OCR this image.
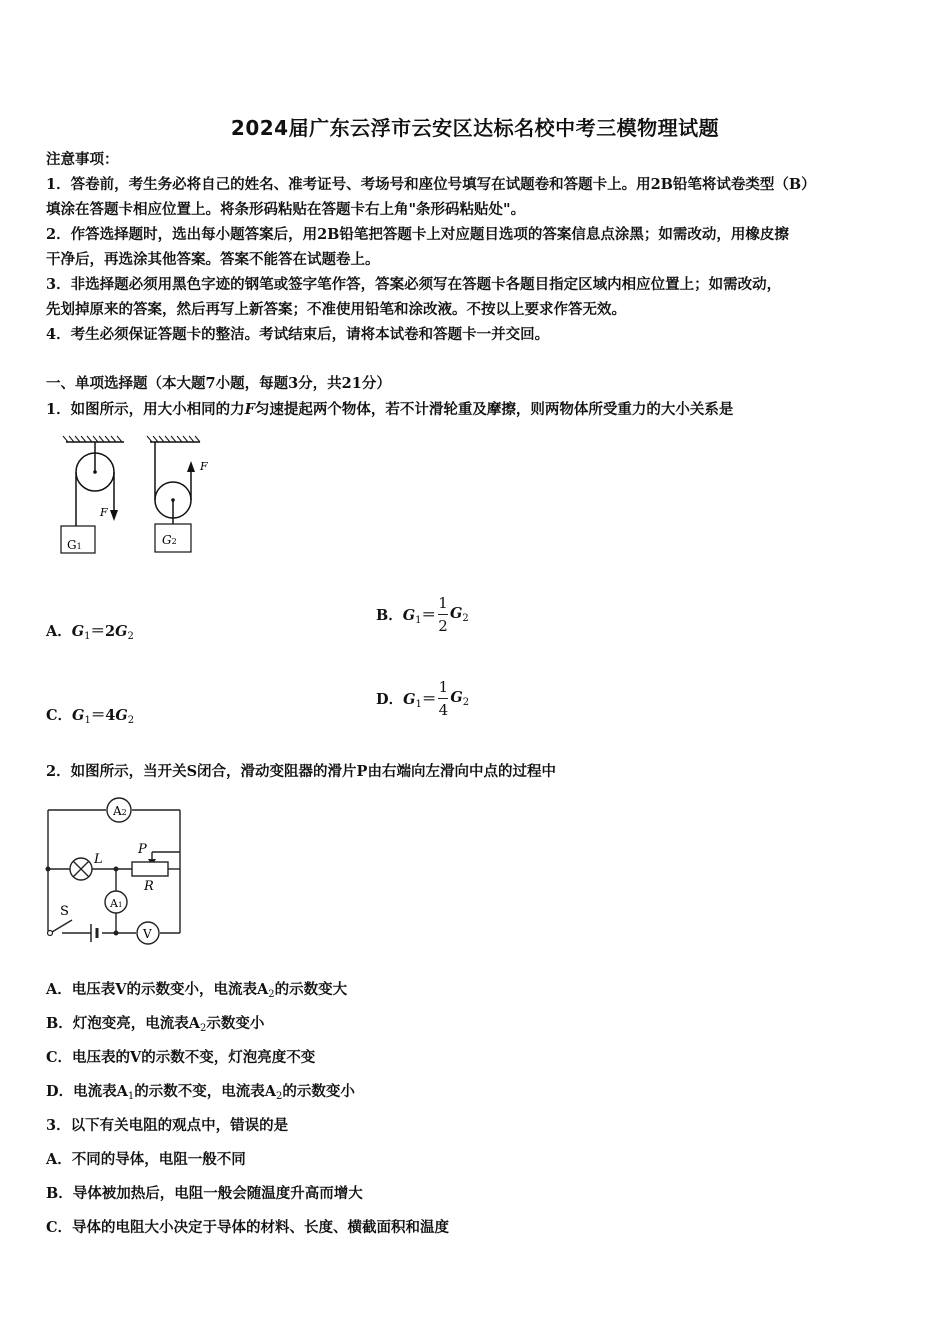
2024届广东云浮市云安区达标名校中考三模物理试题
注意事项：
1．答卷前，考生务必将自己的姓名、准考证号、考场号和座位号填写在试题卷和答题卡上。用2B铅笔将试卷类型（B）
填涂在答题卡相应位置上。将条形码粘贴在答题卡右上角"条形码粘贴处"。
2．作答选择题时，选出每小题答案后，用2B铅笔把答题卡上对应题目选项的答案信息点涂黑；如需改动，用橡皮擦
干净后，再选涂其他答案。答案不能答在试题卷上。
3．非选择题必须用黑色字迹的钢笔或签字笔作答，答案必须写在答题卡各题目指定区域内相应位置上；如需改动，
先划掉原来的答案，然后再写上新答案；不准使用铅笔和涂改液。不按以上要求作答无效。
4．考生必须保证答题卡的整洁。考试结束后，请将本试卷和答题卡一并交回。
一、单项选择题（本大题7小题，每题3分，共21分）
1．如图所示，用大小相同的力F匀速提起两个物体，若不计滑轮重及摩擦，则两物体所受重力的大小关系是
F
G1
F
G2
A．$G_1=2G_2$
B．$G_1= \frac{1}{2} G_2$
C．$G_1=4G_2$
D．$G_1= \frac{1}{4} G_2$
2．如图所示，当开关S闭合，滑动变阻器的滑片P由右端向左滑向中点的过程中
A2
L
P
R
A1
S
V
A．电压表V的示数变小，电流表$A_2$的示数变大
B．灯泡变亮，电流表$A_2$示数变小
C．电压表的V的示数不变，灯泡亮度不变
D．电流表$A_1$的示数不变，电流表$A_2$的示数变小
3．以下有关电阻的观点中，错误的是
A．不同的导体，电阻一般不同
B．导体被加热后，电阻一般会随温度升高而增大
C．导体的电阻大小决定于导体的材料、长度、横截面积和温度
